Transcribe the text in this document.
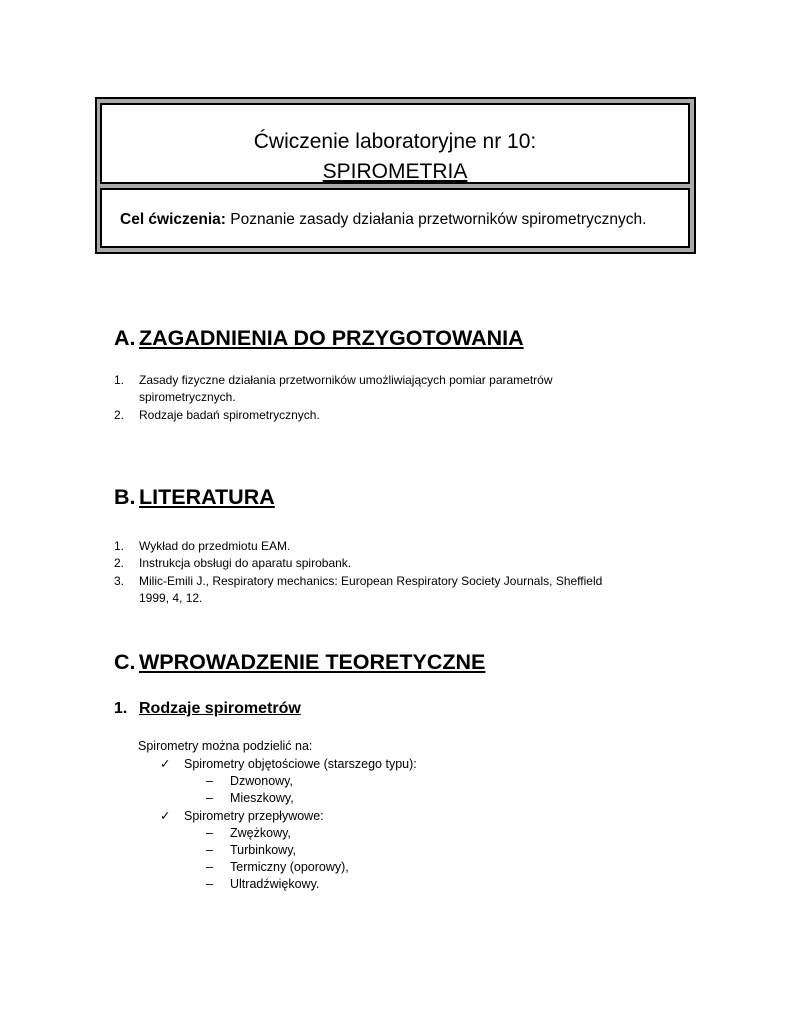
Ćwiczenie laboratoryjne nr 10:
SPIROMETRIA
Cel ćwiczenia: Poznanie zasady działania przetworników spirometrycznych.
A. ZAGADNIENIA DO PRZYGOTOWANIA
1. Zasady fizyczne działania przetworników umożliwiających pomiar parametrów spirometrycznych.
2. Rodzaje badań spirometrycznych.
B. LITERATURA
1. Wykład do przedmiotu EAM.
2. Instrukcja obsługi do aparatu spirobank.
3. Milic-Emili J., Respiratory mechanics: European Respiratory Society Journals, Sheffield 1999, 4, 12.
C. WPROWADZENIE TEORETYCZNE
1. Rodzaje spirometrów
Spirometry można podzielić na:
✓ Spirometry objętościowe (starszego typu):
– Dzwonowy,
– Mieszkowy,
✓ Spirometry przepływowe:
– Zwężkowy,
– Turbinkowy,
– Termiczny (oporowy),
– Ultradźwiękowy.
